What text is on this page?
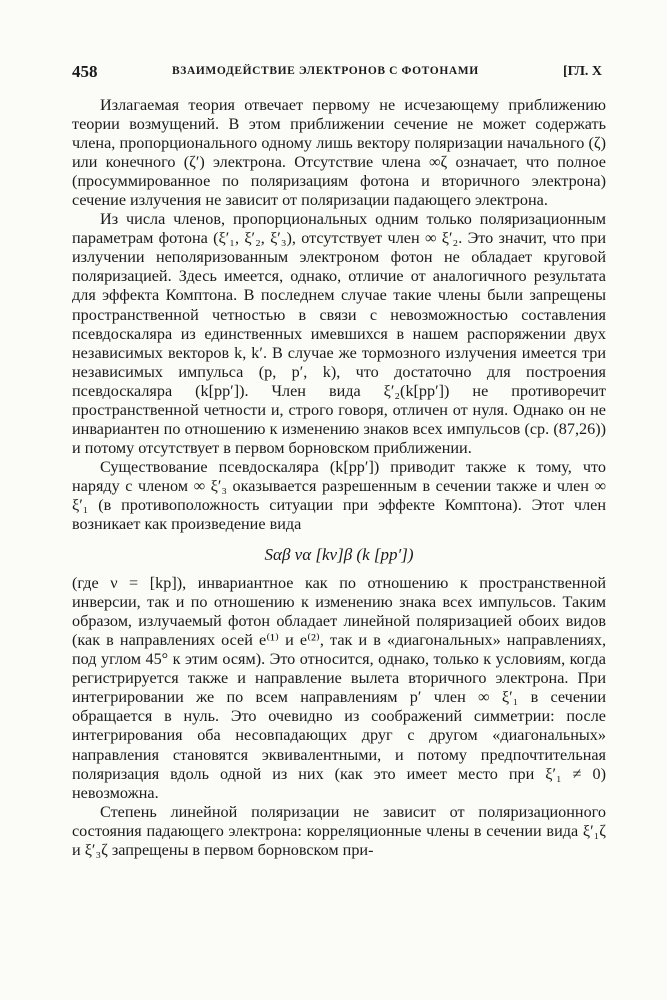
458	ВЗАИМОДЕЙСТВИЕ ЭЛЕКТРОНОВ С ФОТОНАМИ	[ГЛ. X

Излагаемая теория отвечает первому не исчезающему приближению теории возмущений. В этом приближении сечение не может содержать члена, пропорционального одному лишь вектору поляризации начального (ζ) или конечного (ζ′) электрона. Отсутствие члена ∞ζ означает, что полное (просуммированное по поляризациям фотона и вторичного электрона) сечение излучения не зависит от поляризации падающего электрона.

Из числа членов, пропорциональных одним только поляризационным параметрам фотона (ξ′₁, ξ′₂, ξ′₃), отсутствует член ∞ ξ′₂. Это значит, что при излучении неполяризованным электроном фотон не обладает круговой поляризацией. Здесь имеется, однако, отличие от аналогичного результата для эффекта Комптона. В последнем случае такие члены были запрещены пространственной четностью в связи с невозможностью составления псевдоскаляра из единственных имевшихся в нашем распоряжении двух независимых векторов k, k′. В случае же тормозного излучения имеется три независимых импульса (p, p′, k), что достаточно для построения псевдоскаляра (k[pp′]). Член вида ξ′₂(k[pp′]) не противоречит пространственной четности и, строго говоря, отличен от нуля. Однако он не инвариантен по отношению к изменению знаков всех импульсов (ср. (87,26)) и потому отсутствует в первом борновском приближении.

Существование псевдоскаляра (k[pp′]) приводит также к тому, что наряду с членом ∞ ξ′₃ оказывается разрешенным в сечении также и член ∞ ξ′₁ (в противоположность ситуации при эффекте Комптона). Этот член возникает как произведение вида

Sαβ να [kν]β (k [pp′])

(где ν = [kp]), инвариантное как по отношению к пространственной инверсии, так и по отношению к изменению знака всех импульсов. Таким образом, излучаемый фотон обладает линейной поляризацией обоих видов (как в направлениях осей e⁽¹⁾ и e⁽²⁾, так и в «диагональных» направлениях, под углом 45° к этим осям). Это относится, однако, только к условиям, когда регистрируется также и направление вылета вторичного электрона. При интегрировании же по всем направлениям p′ член ∞ ξ′₁ в сечении обращается в нуль. Это очевидно из соображений симметрии: после интегрирования оба несовпадающих друг с другом «диагональных» направления становятся эквивалентными, и потому предпочтительная поляризация вдоль одной из них (как это имеет место при ξ′₁ ≠ 0) невозможна.

Степень линейной поляризации не зависит от поляризационного состояния падающего электрона: корреляционные члены в сечении вида ξ′₁ζ и ξ′₃ζ запрещены в первом борновском при-
